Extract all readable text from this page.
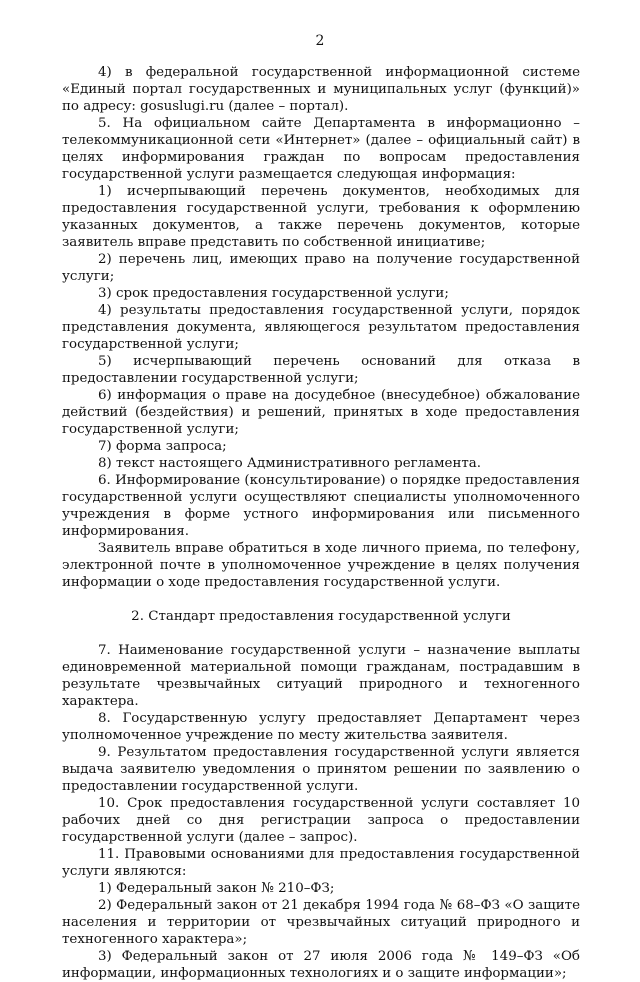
2

4) в федеральной государственной информационной системе «Единый портал государственных и муниципальных услуг (функций)» по адресу: gosuslugi.ru (далее – портал).

5. На официальном сайте Департамента в информационно – телекоммуникационной сети «Интернет» (далее – официальный сайт) в целях информирования граждан по вопросам предоставления государственной услуги размещается следующая информация:

1) исчерпывающий перечень документов, необходимых для предоставления государственной услуги, требования к оформлению указанных документов, а также перечень документов, которые заявитель вправе представить по собственной инициативе;

2) перечень лиц, имеющих право на получение государственной услуги;

3) срок предоставления государственной услуги;

4) результаты предоставления государственной услуги, порядок представления документа, являющегося результатом предоставления государственной услуги;

5) исчерпывающий перечень оснований для отказа в предоставлении государственной услуги;

6) информация о праве на досудебное (внесудебное) обжалование действий (бездействия) и решений, принятых в ходе предоставления государственной услуги;

7) форма запроса;

8) текст настоящего Административного регламента.

6. Информирование (консультирование) о порядке предоставления государственной услуги осуществляют специалисты уполномоченного учреждения в форме устного информирования или письменного информирования.

Заявитель вправе обратиться в ходе личного приема, по телефону, электронной почте в уполномоченное учреждение в целях получения информации о ходе предоставления государственной услуги.

2. Стандарт предоставления государственной услуги

7. Наименование государственной услуги – назначение выплаты единовременной материальной помощи гражданам, пострадавшим в результате чрезвычайных ситуаций природного и техногенного характера.

8. Государственную услугу предоставляет Департамент через уполномоченное учреждение по месту жительства заявителя.

9. Результатом предоставления государственной услуги является выдача заявителю уведомления о принятом решении по заявлению о предоставлении государственной услуги.

10. Срок предоставления государственной услуги составляет 10 рабочих дней со дня регистрации запроса о предоставлении государственной услуги (далее – запрос).

11. Правовыми основаниями для предоставления государственной услуги являются:

1) Федеральный закон № 210–ФЗ;

2) Федеральный закон от 21 декабря 1994 года № 68–ФЗ «О защите населения и территории от чрезвычайных ситуаций природного и техногенного характера»;

3) Федеральный закон от 27 июля 2006 года № 149–ФЗ «Об информации, информационных технологиях и о защите информации»;
